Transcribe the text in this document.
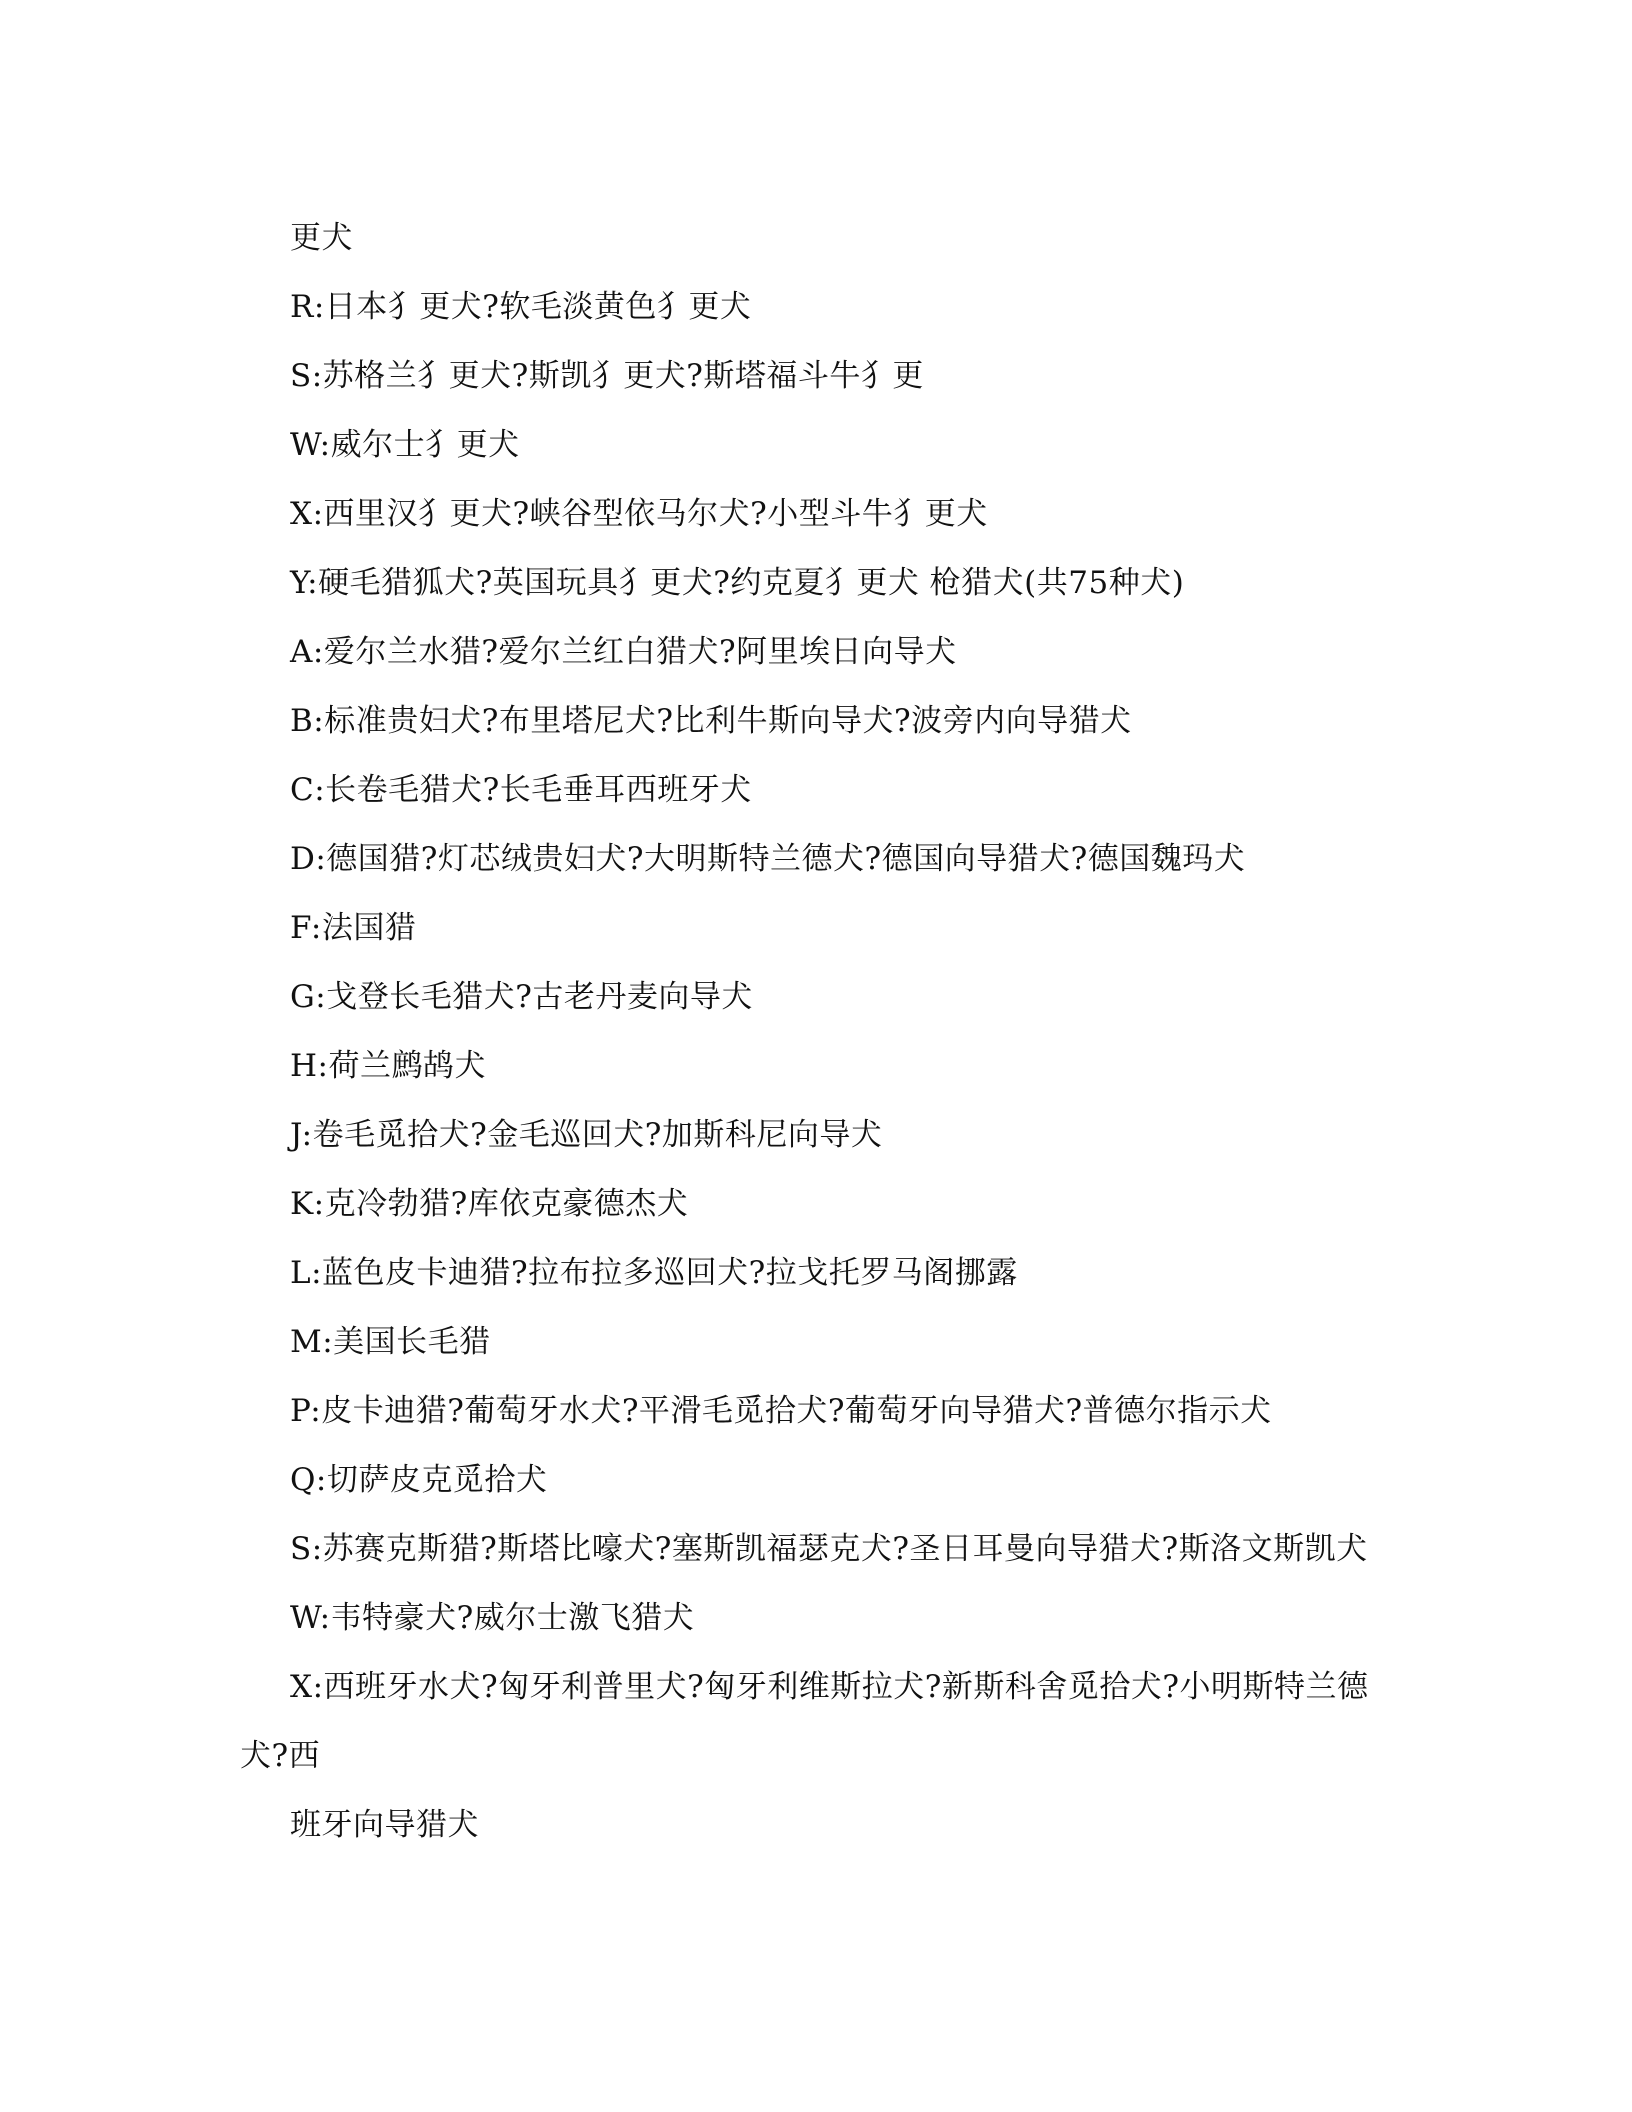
更犬
R:日本犭更犬?软毛淡黄色犭更犬
S:苏格兰犭更犬?斯凯犭更犬?斯塔福斗牛犭更
W:威尔士犭更犬
X:西里汉犭更犬?峡谷型依马尔犬?小型斗牛犭更犬
Y:硬毛猎狐犬?英国玩具犭更犬?约克夏犭更犬 枪猎犬(共75种犬)
A:爱尔兰水猎?爱尔兰红白猎犬?阿里埃日向导犬
B:标准贵妇犬?布里塔尼犬?比利牛斯向导犬?波旁内向导猎犬
C:长卷毛猎犬?长毛垂耳西班牙犬
D:德国猎?灯芯绒贵妇犬?大明斯特兰德犬?德国向导猎犬?德国魏玛犬
F:法国猎
G:戈登长毛猎犬?古老丹麦向导犬
H:荷兰鹧鸪犬
J:卷毛觅拾犬?金毛巡回犬?加斯科尼向导犬
K:克冷勃猎?库依克豪德杰犬
L:蓝色皮卡迪猎?拉布拉多巡回犬?拉戈托罗马阁挪露
M:美国长毛猎
P:皮卡迪猎?葡萄牙水犬?平滑毛觅拾犬?葡萄牙向导猎犬?普德尔指示犬
Q:切萨皮克觅拾犬
S:苏赛克斯猎?斯塔比嚎犬?塞斯凯福瑟克犬?圣日耳曼向导猎犬?斯洛文斯凯犬
W:韦特豪犬?威尔士激飞猎犬
X:西班牙水犬?匈牙利普里犬?匈牙利维斯拉犬?新斯科舍觅拾犬?小明斯特兰德
犬?西
班牙向导猎犬
